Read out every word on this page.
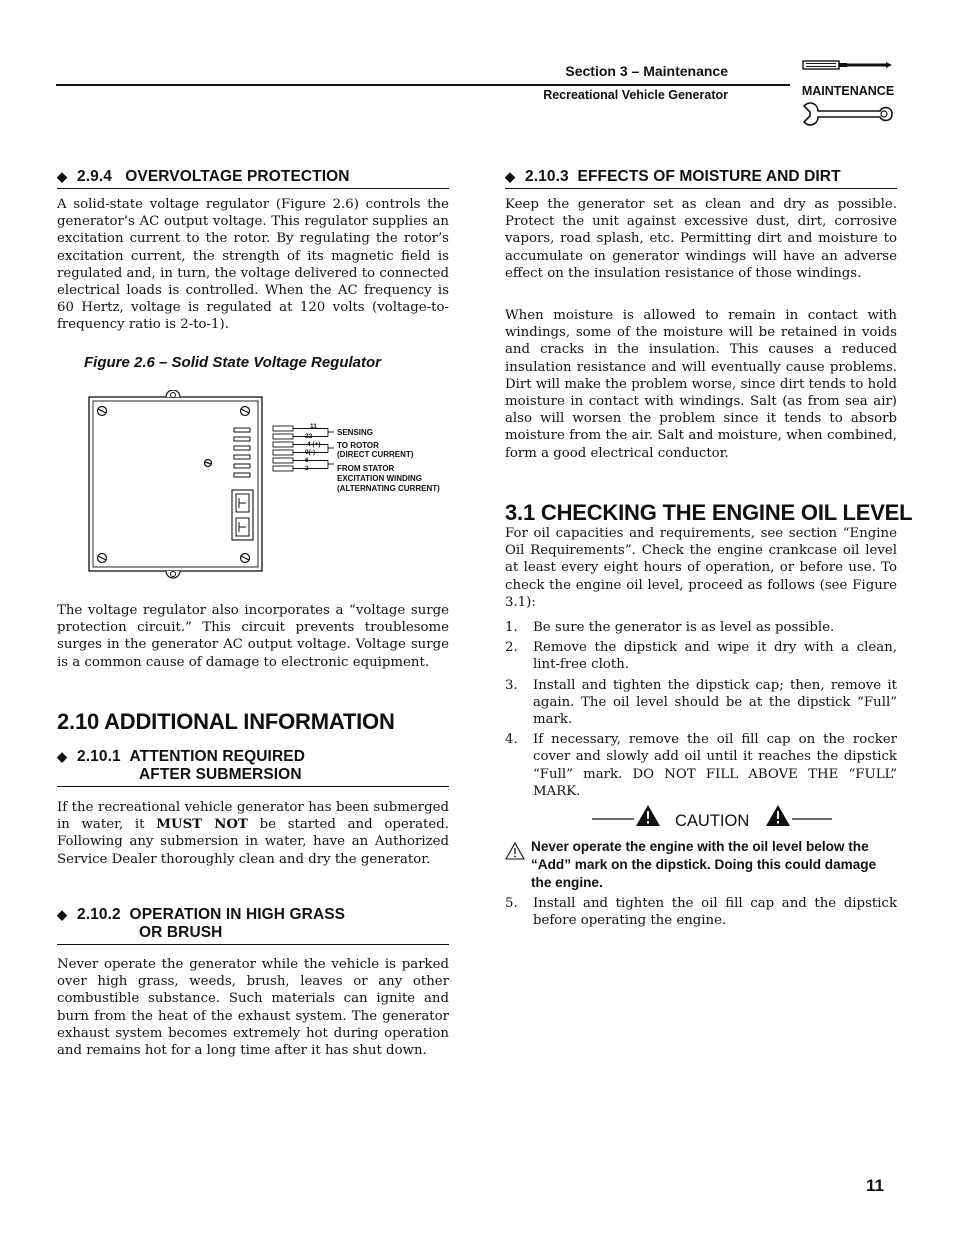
Section 3 – Maintenance
Recreational Vehicle Generator	MAINTENANCE
◆ 2.9.4 OVERVOLTAGE PROTECTION

A solid-state voltage regulator (Figure 2.6) controls the generator’s AC output voltage. This regulator supplies an excitation current to the rotor. By regulating the rotor’s excitation current, the strength of its magnetic field is regulated and, in turn, the voltage delivered to connected electrical loads is controlled. When the AC frequency is 60 Hertz, voltage is regulated at 120 volts (voltage-to-frequency ratio is 2-to-1).

Figure 2.6 – Solid State Voltage Regulator
11
22
4 (+)
0(-)
6
2
SENSING
TO ROTOR
(DIRECT CURRENT)
FROM STATOR
EXCITATION WINDING
(ALTERNATING CURRENT)

The voltage regulator also incorporates a “voltage surge protection circuit.” This circuit prevents troublesome surges in the generator AC output voltage. Voltage surge is a common cause of damage to electronic equipment.

2.10 ADDITIONAL INFORMATION
◆ 2.10.1 ATTENTION REQUIRED
AFTER SUBMERSION

If the recreational vehicle generator has been submerged in water, it MUST NOT be started and operated. Following any submersion in water, have an Authorized Service Dealer thoroughly clean and dry the generator.

◆ 2.10.2 OPERATION IN HIGH GRASS
OR BRUSH

Never operate the generator while the vehicle is parked over high grass, weeds, brush, leaves or any other combustible substance. Such materials can ignite and burn from the heat of the exhaust system. The generator exhaust system becomes extremely hot during operation and remains hot for a long time after it has shut down.

◆ 2.10.3 EFFECTS OF MOISTURE AND DIRT

Keep the generator set as clean and dry as possible. Protect the unit against excessive dust, dirt, corrosive vapors, road splash, etc. Permitting dirt and moisture to accumulate on generator windings will have an adverse effect on the insulation resistance of those windings.

When moisture is allowed to remain in contact with windings, some of the moisture will be retained in voids and cracks in the insulation. This causes a reduced insulation resistance and will eventually cause problems. Dirt will make the problem worse, since dirt tends to hold moisture in contact with windings. Salt (as from sea air) also will worsen the problem since it tends to absorb moisture from the air. Salt and moisture, when combined, form a good electrical conductor.

3.1 CHECKING THE ENGINE OIL LEVEL

For oil capacities and requirements, see section “Engine Oil Requirements”. Check the engine crankcase oil level at least every eight hours of operation, or before use. To check the engine oil level, proceed as follows (see Figure 3.1):

1. Be sure the generator is as level as possible.
2. Remove the dipstick and wipe it dry with a clean, lint-free cloth.
3. Install and tighten the dipstick cap; then, remove it again. The oil level should be at the dipstick “Full” mark.
4. If necessary, remove the oil fill cap on the rocker cover and slowly add oil until it reaches the dipstick “Full” mark. DO NOT FILL ABOVE THE “FULL” MARK.
CAUTION
Never operate the engine with the oil level below the “Add” mark on the dipstick. Doing this could damage the engine.
5. Install and tighten the oil fill cap and the dipstick before operating the engine.
11
